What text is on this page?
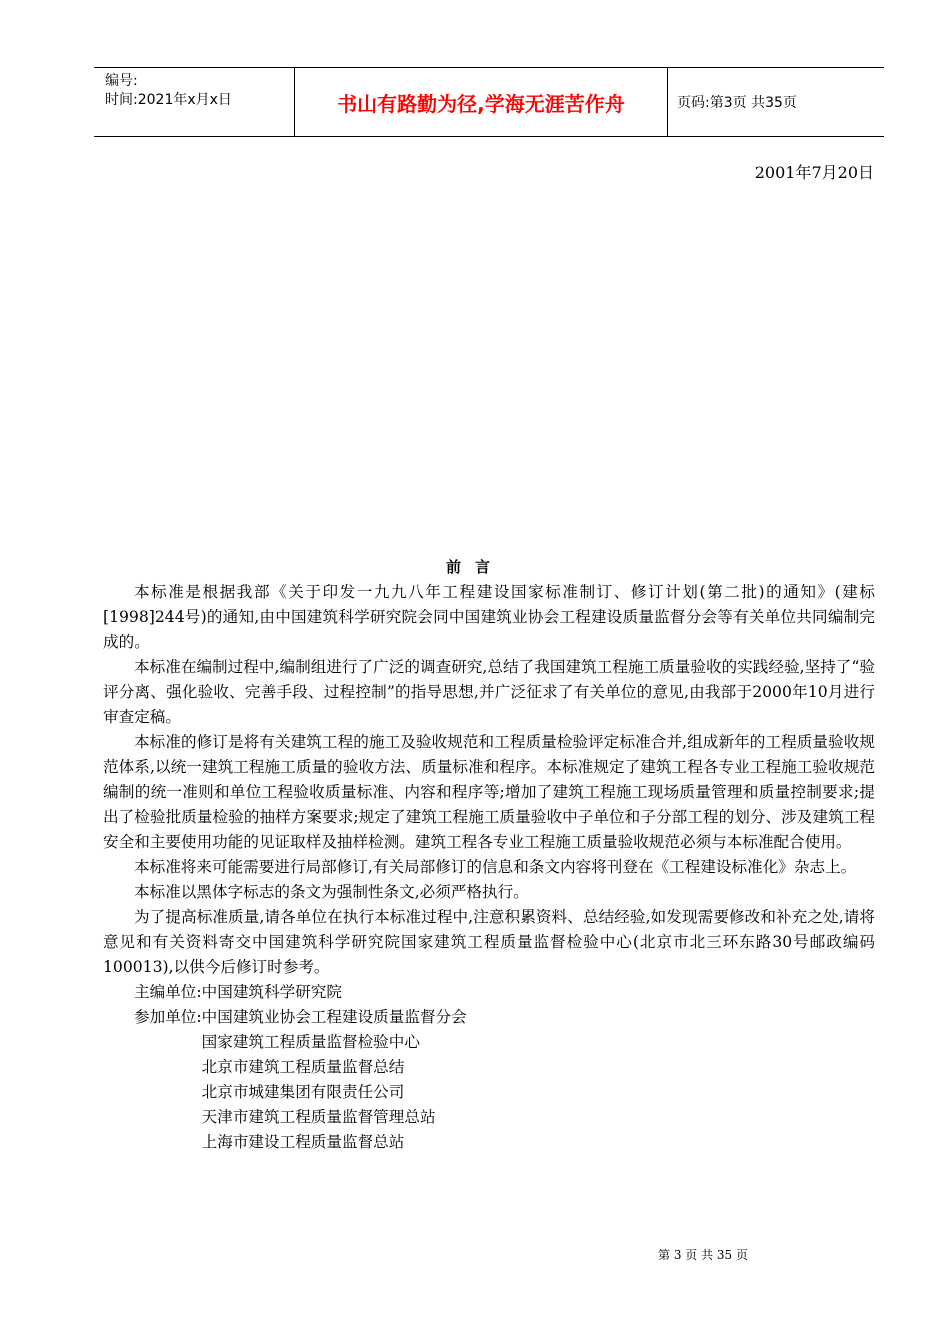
编号:
时间:2021年x月x日	书山有路勤为径,学海无涯苦作舟	页码:第3页 共35页
2001年7月20日
前言

本标准是根据我部《关于印发一九九八年工程建设国家标准制订、修订计划(第二批)的通知》(建标[1998]244号)的通知,由中国建筑科学研究院会同中国建筑业协会工程建设质量监督分会等有关单位共同编制完成的。

本标准在编制过程中,编制组进行了广泛的调查研究,总结了我国建筑工程施工质量验收的实践经验,坚持了“验评分离、强化验收、完善手段、过程控制”的指导思想,并广泛征求了有关单位的意见,由我部于2000年10月进行审查定稿。

本标准的修订是将有关建筑工程的施工及验收规范和工程质量检验评定标准合并,组成新年的工程质量验收规范体系,以统一建筑工程施工质量的验收方法、质量标准和程序。本标准规定了建筑工程各专业工程施工验收规范编制的统一准则和单位工程验收质量标准、内容和程序等;增加了建筑工程施工现场质量管理和质量控制要求;提出了检验批质量检验的抽样方案要求;规定了建筑工程施工质量验收中子单位和子分部工程的划分、涉及建筑工程安全和主要使用功能的见证取样及抽样检测。建筑工程各专业工程施工质量验收规范必须与本标准配合使用。

本标准将来可能需要进行局部修订,有关局部修订的信息和条文内容将刊登在《工程建设标准化》杂志上。

本标准以黑体字标志的条文为强制性条文,必须严格执行。

为了提高标准质量,请各单位在执行本标准过程中,注意积累资料、总结经验,如发现需要修改和补充之处,请将意见和有关资料寄交中国建筑科学研究院国家建筑工程质量监督检验中心(北京市北三环东路30号邮政编码100013),以供今后修订时参考。

主编单位:中国建筑科学研究院

参加单位: 中国建筑业协会工程建设质量监督分会
国家建筑工程质量监督检验中心
北京市建筑工程质量监督总结
北京市城建集团有限责任公司
天津市建筑工程质量监督管理总站
上海市建设工程质量监督总站
第 3 页 共 35 页
